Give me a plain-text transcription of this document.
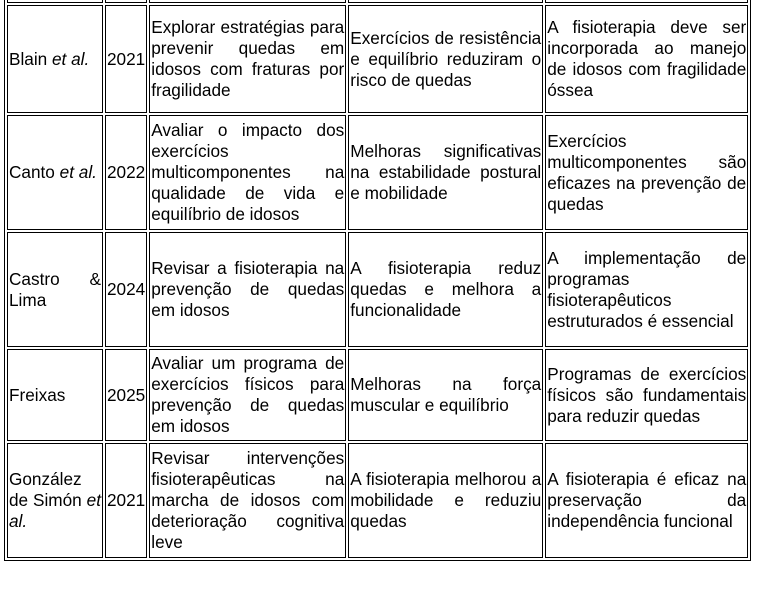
Blain et al.	2021	Explorar estratégias para prevenir quedas em idosos com fraturas por fragilidade	Exercícios de resistência e equilíbrio reduziram o risco de quedas	A fisioterapia deve ser incorporada ao manejo de idosos com fragilidade óssea
Canto et al.	2022	Avaliar o impacto dos exercícios multicomponentes na qualidade de vida e equilíbrio de idosos	Melhoras significativas na estabilidade postural e mobilidade	Exercícios multicomponentes são eficazes na prevenção de quedas
Castro & Lima	2024	Revisar a fisioterapia na prevenção de quedas em idosos	A fisioterapia reduz quedas e melhora a funcionalidade	A implementação de programas fisioterapêuticos estruturados é essencial
Freixas	2025	Avaliar um programa de exercícios físicos para prevenção de quedas em idosos	Melhoras na força muscular e equilíbrio	Programas de exercícios físicos são fundamentais para reduzir quedas
González de Simón et al.	2021	Revisar intervenções fisioterapêuticas na marcha de idosos com deterioração cognitiva leve	A fisioterapia melhorou a mobilidade e reduziu quedas	A fisioterapia é eficaz na preservação da independência funcional
